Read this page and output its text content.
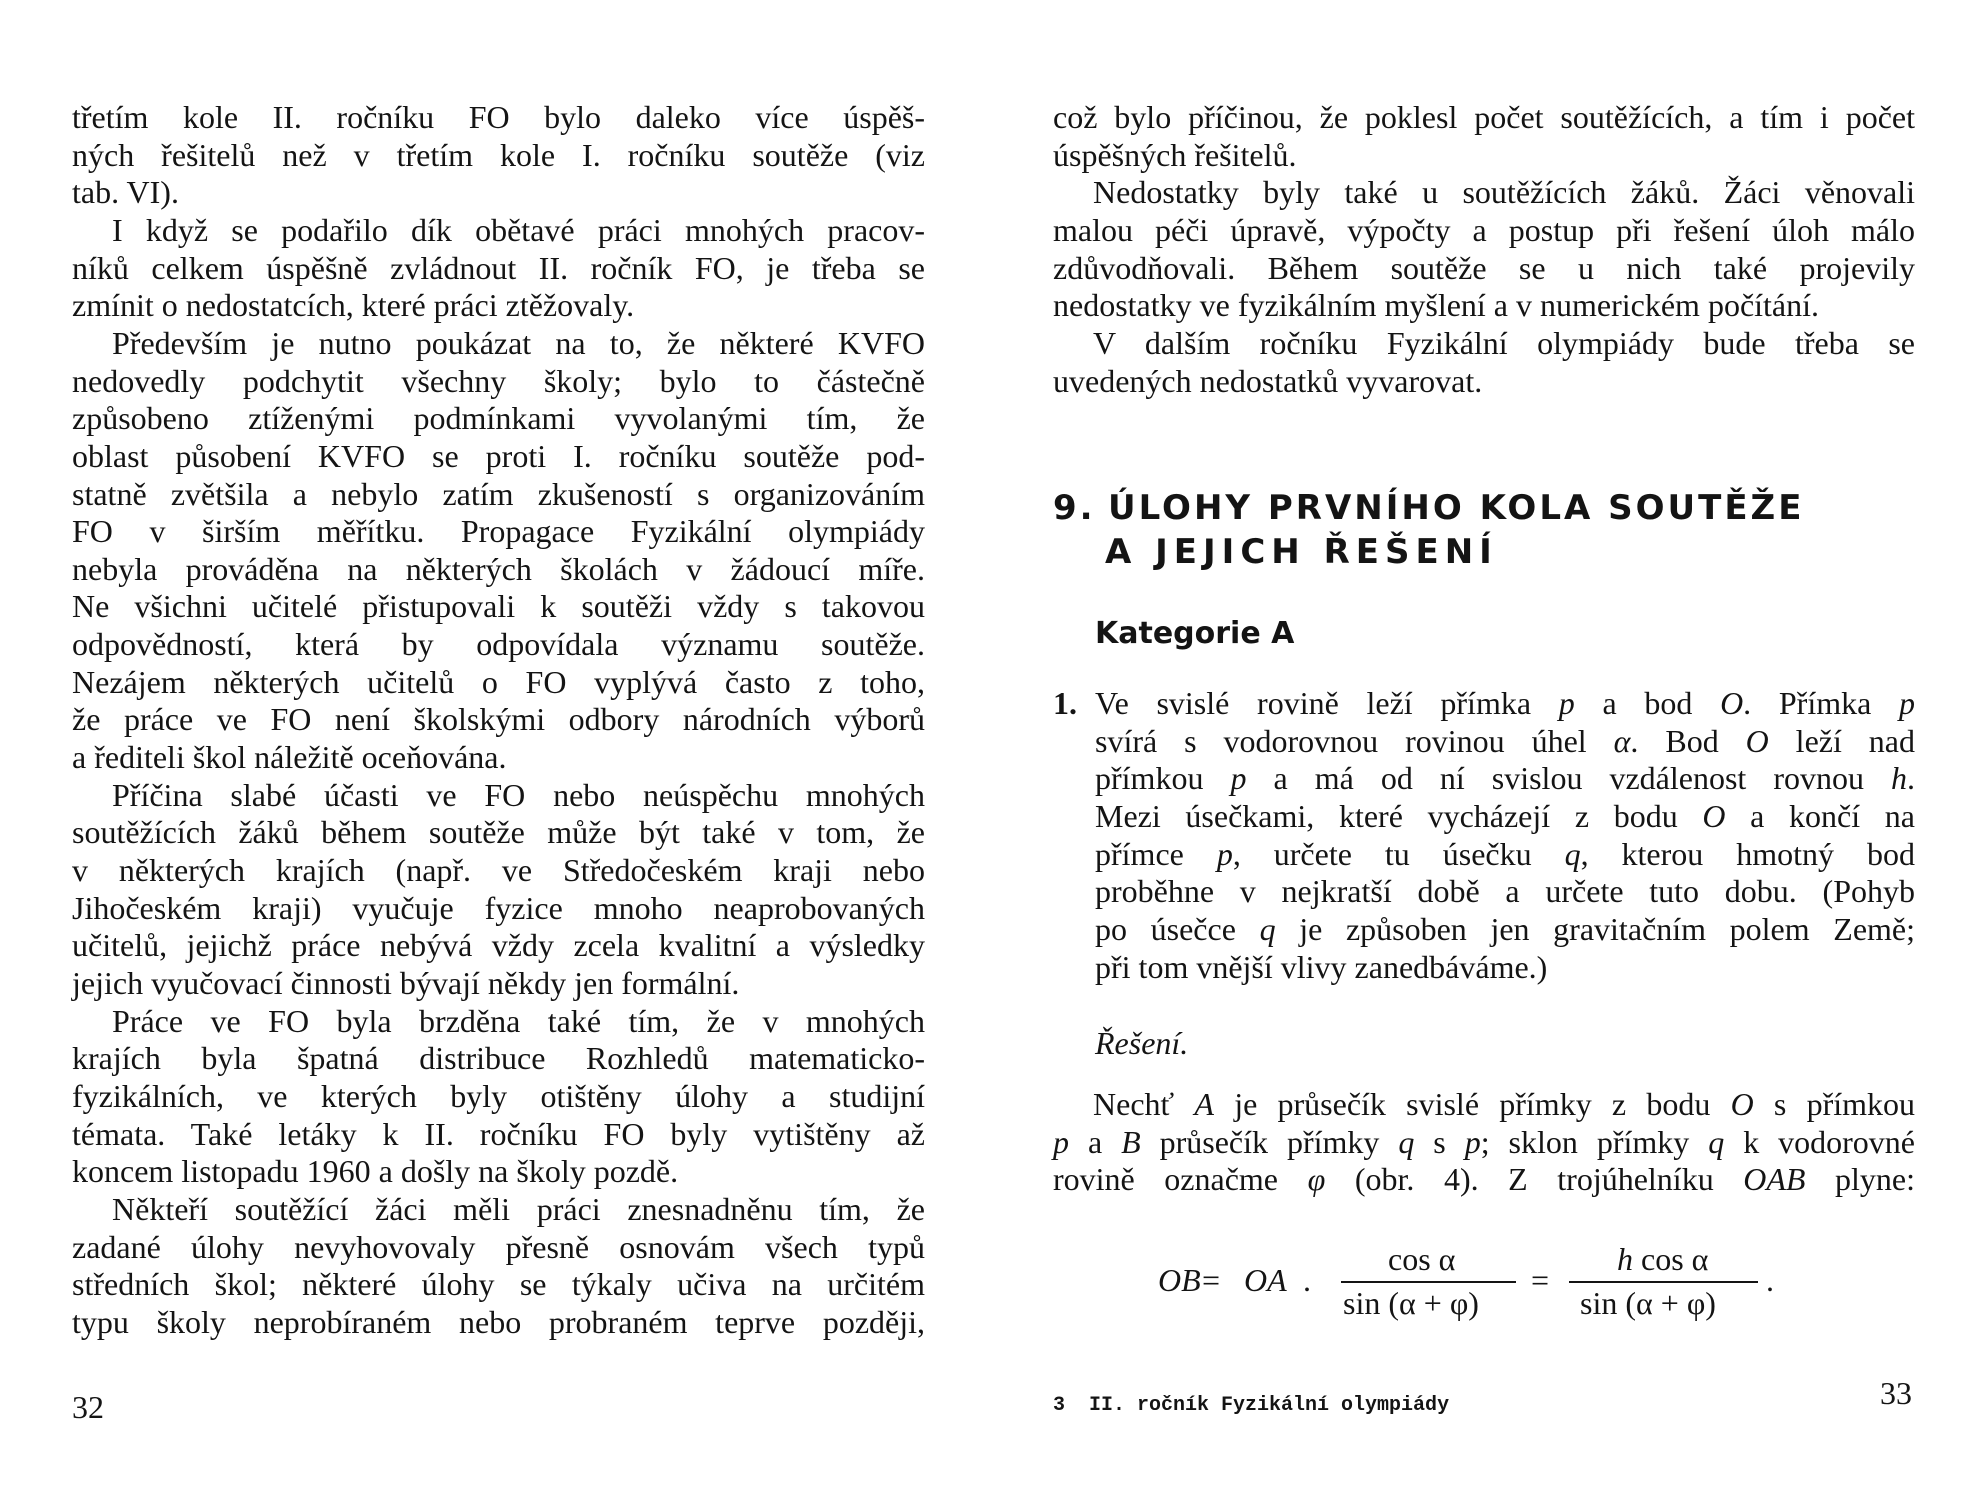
třetím kole II. ročníku FO bylo daleko více úspěš-
ných řešitelů než v třetím kole I. ročníku soutěže (viz
tab. VI).
I když se podařilo dík obětavé práci mnohých pracov-
níků celkem úspěšně zvládnout II. ročník FO, je třeba se
zmínit o nedostatcích, které práci ztěžovaly.
Především je nutno poukázat na to, že některé KVFO
nedovedly podchytit všechny školy; bylo to částečně
způsobeno ztíženými podmínkami vyvolanými tím, že
oblast působení KVFO se proti I. ročníku soutěže pod-
statně zvětšila a nebylo zatím zkušeností s organizováním
FO v širším měřítku. Propagace Fyzikální olympiády
nebyla prováděna na některých školách v žádoucí míře.
Ne všichni učitelé přistupovali k soutěži vždy s takovou
odpovědností, která by odpovídala významu soutěže.
Nezájem některých učitelů o FO vyplývá často z toho,
že práce ve FO není školskými odbory národních výborů
a řediteli škol náležitě oceňována.
Příčina slabé účasti ve FO nebo neúspěchu mnohých
soutěžících žáků během soutěže může být také v tom, že
v některých krajích (např. ve Středočeském kraji nebo
Jihočeském kraji) vyučuje fyzice mnoho neaprobovaných
učitelů, jejichž práce nebývá vždy zcela kvalitní a výsledky
jejich vyučovací činnosti bývají někdy jen formální.
Práce ve FO byla brzděna také tím, že v mnohých
krajích byla špatná distribuce Rozhledů matematicko-
fyzikálních, ve kterých byly otištěny úlohy a studijní
témata. Také letáky k II. ročníku FO byly vytištěny až
koncem listopadu 1960 a došly na školy pozdě.
Někteří soutěžící žáci měli práci znesnadněnu tím, že
zadané úlohy nevyhovovaly přesně osnovám všech typů
středních škol; některé úlohy se týkaly učiva na určitém
typu školy neprobíraném nebo probraném teprve později,
32
což bylo příčinou, že poklesl počet soutěžících, a tím i počet
úspěšných řešitelů.
Nedostatky byly také u soutěžících žáků. Žáci věnovali
malou péči úpravě, výpočty a postup při řešení úloh málo
zdůvodňovali. Během soutěže se u nich také projevily
nedostatky ve fyzikálním myšlení a v numerickém počítání.
V dalším ročníku Fyzikální olympiády bude třeba se
uvedených nedostatků vyvarovat.
9. ÚLOHY PRVNÍHO KOLA SOUTĚŽE
A JEJICH ŘEŠENÍ
Kategorie A
1. Ve svislé rovině leží přímka p a bod O. Přímka p
svírá s vodorovnou rovinou úhel α. Bod O leží nad
přímkou p a má od ní svislou vzdálenost rovnou h.
Mezi úsečkami, které vycházejí z bodu O a končí na
přímce p, určete tu úsečku q, kterou hmotný bod
proběhne v nejkratší době a určete tuto dobu. (Pohyb
po úsečce q je způsoben jen gravitačním polem Země;
při tom vnější vlivy zanedbáváme.)
Řešení.
Nechť A je průsečík svislé přímky z bodu O s přímkou
p a B průsečík přímky q s p; sklon přímky q k vodorovné
rovině označme φ (obr. 4). Z trojúhelníku OAB plyne:
OB = OA .
cos α
sin (α + φ)
=
h cos α
sin (α + φ)
.
3  II. ročník Fyzikální olympiády	33
